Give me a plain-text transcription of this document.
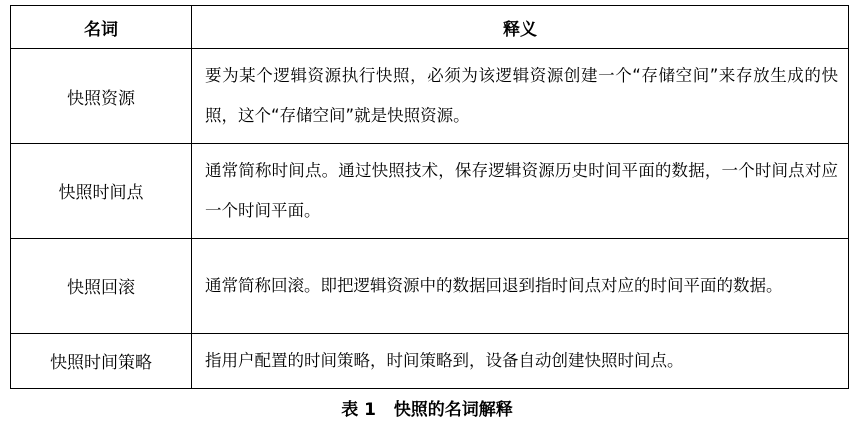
名词	释义
快照资源	要为某个逻辑资源执行快照，必须为该逻辑资源创建一个“存储空间”来存放生成的快照，这个“存储空间”就是快照资源。
快照时间点	通常简称时间点。通过快照技术，保存逻辑资源历史时间平面的数据，一个时间点对应一个时间平面。
快照回滚	通常简称回滚。即把逻辑资源中的数据回退到指时间点对应的时间平面的数据。
快照时间策略	指用户配置的时间策略，时间策略到，设备自动创建快照时间点。
表 1   快照的名词解释
